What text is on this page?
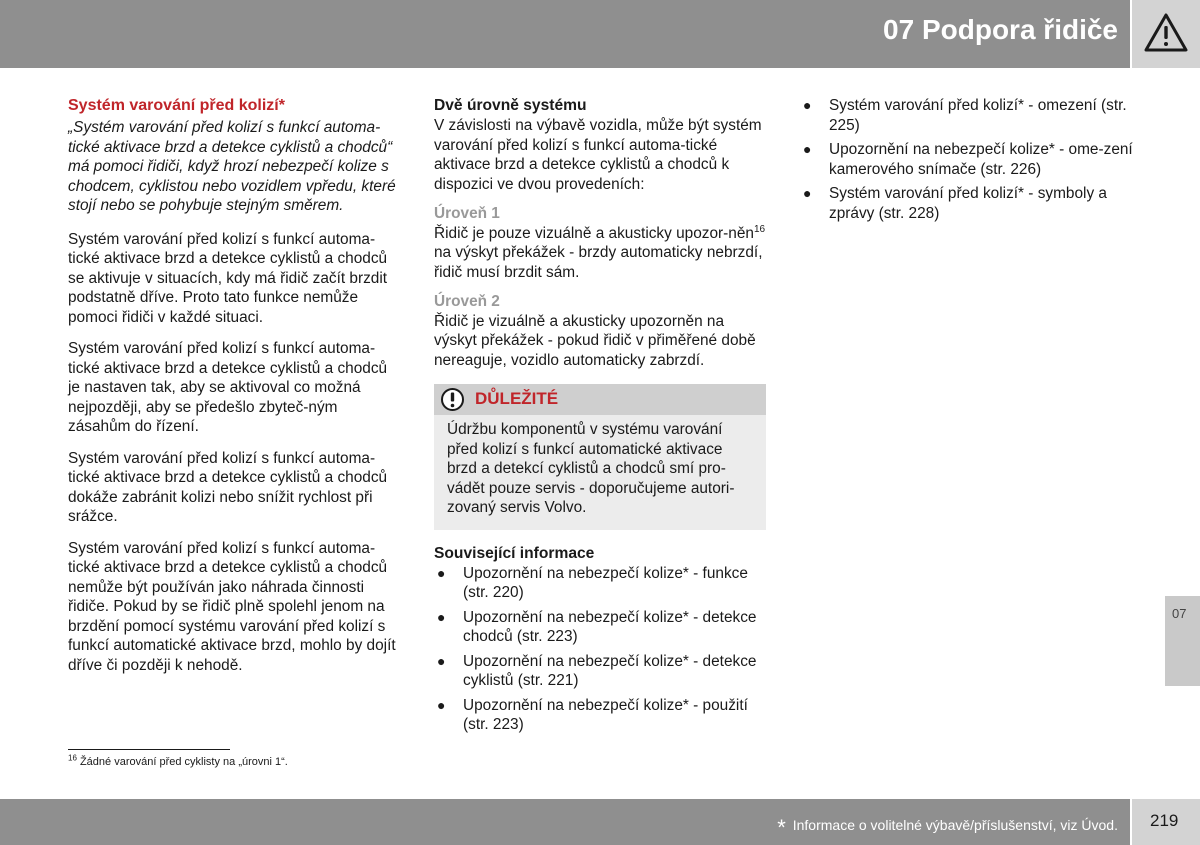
07 Podpora řidiče
Systém varování před kolizí*
„Systém varování před kolizí s funkcí automa-tické aktivace brzd a detekce cyklistů a chodců“ má pomoci řidiči, když hrozí nebezpečí kolize s chodcem, cyklistou nebo vozidlem vpředu, které stojí nebo se pohybuje stejným směrem.

Systém varování před kolizí s funkcí automa-tické aktivace brzd a detekce cyklistů a chodců se aktivuje v situacích, kdy má řidič začít brzdit podstatně dříve. Proto tato funkce nemůže pomoci řidiči v každé situaci.

Systém varování před kolizí s funkcí automa-tické aktivace brzd a detekce cyklistů a chodců je nastaven tak, aby se aktivoval co možná nejpozději, aby se předešlo zbyteč-ným zásahům do řízení.

Systém varování před kolizí s funkcí automa-tické aktivace brzd a detekce cyklistů a chodců dokáže zabránit kolizi nebo snížit rychlost při srážce.

Systém varování před kolizí s funkcí automa-tické aktivace brzd a detekce cyklistů a chodců nemůže být používán jako náhrada činnosti řidiče. Pokud by se řidič plně spolehl jenom na brzdění pomocí systému varování před kolizí s funkcí automatické aktivace brzd, mohlo by dojít dříve či později k nehodě.

Dvě úrovně systému

V závislosti na výbavě vozidla, může být systém varování před kolizí s funkcí automa-tické aktivace brzd a detekce cyklistů a chodců k dispozici ve dvou provedeních:

Úroveň 1
Řidič je pouze vizuálně a akusticky upozor-něn$^{16}$ na výskyt překážek - brzdy automaticky nebrzdí, řidič musí brzdit sám.
Úroveň 2
Řidič je vizuálně a akusticky upozorněn na výskyt překážek - pokud řidič v přiměřené době nereaguje, vozidlo automaticky zabrzdí.
DŮLEŽITÉ
Údržbu komponentů v systému varování před kolizí s funkcí automatické aktivace brzd a detekcí cyklistů a chodců smí pro-vádět pouze servis - doporučujeme autori-zovaný servis Volvo.
Související informace
● Upozornění na nebezpečí kolize* - funkce (str. 220)
● Upozornění na nebezpečí kolize* - detekce chodců (str. 223)
● Upozornění na nebezpečí kolize* - detekce cyklistů (str. 221)
● Upozornění na nebezpečí kolize* - použití (str. 223)
● Systém varování před kolizí* - omezení (str. 225)
● Upozornění na nebezpečí kolize* - ome-zení kamerového snímače (str. 226)
● Systém varování před kolizí* - symboly a zprávy (str. 228)
$^{16}$ Žádné varování před cyklisty na „úrovni 1“.
07
* Informace o volitelné výbavě/příslušenství, viz Úvod. 219
